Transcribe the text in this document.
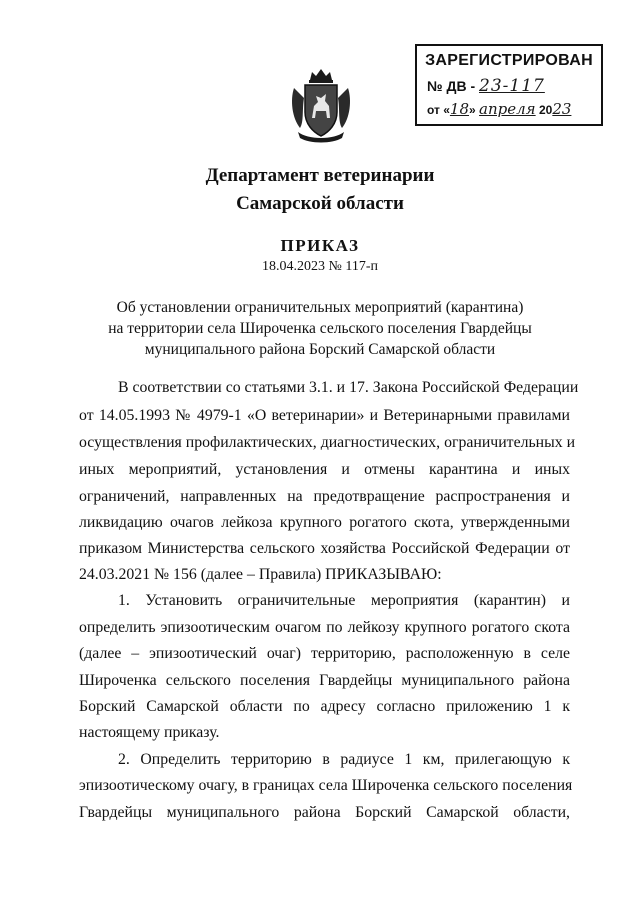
ЗАРЕГИСТРИРОВАН
№ ДВ - 23-117
от «18» апреля 2023
Департамент ветеринарии
Самарской области
ПРИКАЗ
18.04.2023 № 117-п
Об установлении ограничительных мероприятий (карантина)
на территории села Широченка сельского поселения Гвардейцы
муниципального района Борский Самарской области
В соответствии со статьями 3.1. и 17. Закона Российской Федерации
от 14.05.1993 № 4979-1 «О ветеринарии» и Ветеринарными правилами
осуществления профилактических, диагностических, ограничительных и
иных мероприятий, установления и отмены карантина и иных
ограничений, направленных на предотвращение распространения и
ликвидацию очагов лейкоза крупного рогатого скота, утвержденными
приказом Министерства сельского хозяйства Российской Федерации от
24.03.2021 № 156 (далее – Правила) ПРИКАЗЫВАЮ:
1. Установить ограничительные мероприятия (карантин) и
определить эпизоотическим очагом по лейкозу крупного рогатого скота
(далее – эпизоотический очаг) территорию, расположенную в селе
Широченка сельского поселения Гвардейцы муниципального района
Борский Самарской области по адресу согласно приложению 1 к
настоящему приказу.
2. Определить территорию в радиусе 1 км, прилегающую к
эпизоотическому очагу, в границах села Широченка сельского поселения
Гвардейцы муниципального района Борский Самарской области,
